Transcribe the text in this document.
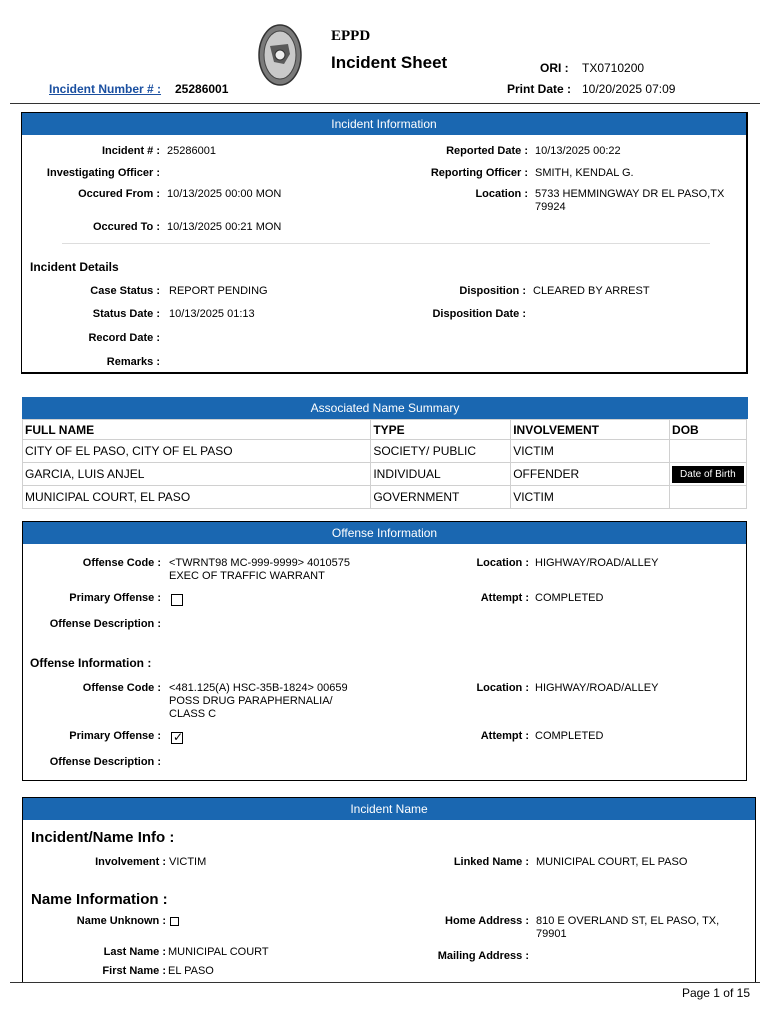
EPPD
Incident Sheet
Incident Number # : 25286001
ORI : TX0710200
Print Date : 10/20/2025 07:09
Incident Information
Incident # : 25286001
Investigating Officer :
Occured From : 10/13/2025 00:00 MON
Occured To : 10/13/2025 00:21 MON
Reported Date : 10/13/2025 00:22
Reporting Officer : SMITH, KENDAL G.
Location : 5733 HEMMINGWAY DR EL PASO,TX
79924
Incident Details
Case Status : REPORT PENDING
Status Date : 10/13/2025 01:13
Record Date :
Remarks :
Disposition : CLEARED BY ARREST
Disposition Date :
Associated Name Summary
FULL NAME	TYPE	INVOLVEMENT	DOB
CITY OF EL PASO, CITY OF EL PASO	SOCIETY/ PUBLIC	VICTIM	
GARCIA, LUIS ANJEL	INDIVIDUAL	OFFENDER	Date of Birth
MUNICIPAL COURT, EL PASO	GOVERNMENT	VICTIM	
Offense Information
Offense Code : <TWRNT98 MC-999-9999> 4010575
EXEC OF TRAFFIC WARRANT
Primary Offense :
Offense Description :
Location : HIGHWAY/ROAD/ALLEY
Attempt : COMPLETED
Offense Information :
Offense Code : <481.125(A) HSC-35B-1824> 00659
POSS DRUG PARAPHERNALIA/
CLASS C
Primary Offense :
✓
Offense Description :
Location : HIGHWAY/ROAD/ALLEY
Attempt : COMPLETED
Incident Name
Incident/Name Info :
Involvement : VICTIM	Linked Name : MUNICIPAL COURT, EL PASO
Name Information :
Name Unknown :	Home Address : 810 E OVERLAND ST, EL PASO, TX,
79901
Last Name : MUNICIPAL COURT	Mailing Address :
First Name : EL PASO
Page 1 of 15
